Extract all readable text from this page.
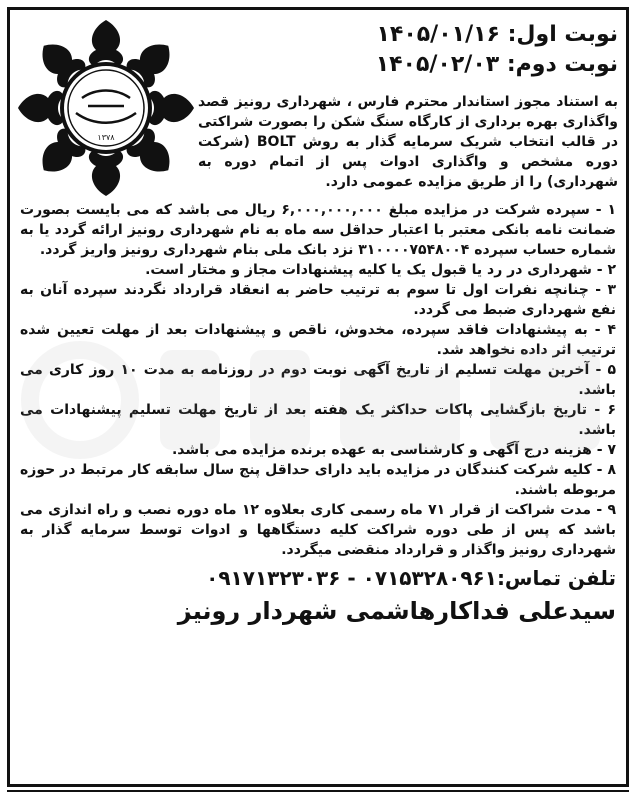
۱۳۷۸
نوبت اول: ۱۴۰۵/۰۱/۱۶
نوبت دوم: ۱۴۰۵/۰۲/۰۳
به استناد مجوز استاندار محترم فارس ، شهرداری رونیز قصد واگذاری بهره برداری از کارگاه سنگ شکن را بصورت شراکتی در قالب انتخاب شریک سرمایه گذار به روش BOLT (شرکت دوره مشخص و واگذاری ادوات پس از اتمام دوره به شهرداری) را از طریق مزایده عمومی دارد.

۱ - سپرده شرکت در مزایده مبلغ ۶,۰۰۰,۰۰۰,۰۰۰ ریال می باشد که می بایست بصورت ضمانت نامه بانکی معتبر با اعتبار حداقل سه ماه به نام شهرداری رونیز ارائه گردد یا به شماره حساب سپرده ۳۱۰۰۰۰۷۵۴۸۰۰۴ نزد بانک ملی بنام شهرداری رونیز واریز گردد.

۲ - شهرداری در رد یا قبول یک یا کلیه پیشنهادات مجاز و مختار است.

۳ - چنانچه نفرات اول تا سوم به ترتیب حاضر به انعقاد قرارداد نگردند سپرده آنان به نفع شهرداری ضبط می گردد.

۴ - به پیشنهادات فاقد سپرده، مخدوش، ناقص و پیشنهادات بعد از مهلت تعیین شده ترتیب اثر داده نخواهد شد.

۵ - آخرین مهلت تسلیم از تاریخ آگهی نوبت دوم در روزنامه به مدت ۱۰ روز کاری می باشد.

۶ - تاریخ بازگشایی پاکات حداکثر یک هفته بعد از تاریخ مهلت تسلیم پیشنهادات می باشد.

۷ - هزینه درج آگهی و کارشناسی به عهده برنده مزایده می باشد.

۸ - کلیه شرکت کنندگان در مزایده باید دارای حداقل پنج سال سابقه کار مرتبط در حوزه مربوطه باشند.

۹ - مدت شراکت از قرار ۷۱ ماه رسمی کاری بعلاوه ۱۲ ماه دوره نصب و راه اندازی می باشد که پس از طی دوره شراکت کلیه دستگاهها و ادوات توسط سرمایه گذار به شهرداری رونیز واگذار و قرارداد منقضی میگردد.

تلفن تماس:۰۷۱۵۳۲۸۰۹۶۱ - ۰۹۱۷۱۳۲۳۰۳۶
سیدعلی فداکارهاشمی شهردار رونیز
